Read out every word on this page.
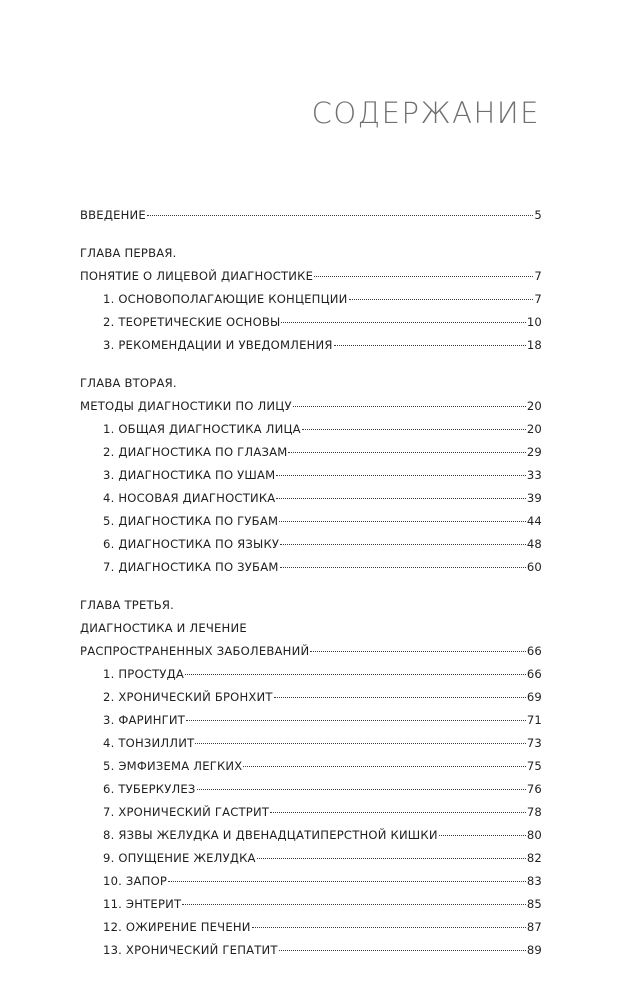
СОДЕРЖАНИЕ
ВВЕДЕНИЕ	5
ГЛАВА ПЕРВАЯ.
ПОНЯТИЕ О ЛИЦЕВОЙ ДИАГНОСТИКЕ	7
1. ОСНОВОПОЛАГАЮЩИЕ КОНЦЕПЦИИ	7
2. ТЕОРЕТИЧЕСКИЕ ОСНОВЫ	10
3. РЕКОМЕНДАЦИИ И УВЕДОМЛЕНИЯ	18
ГЛАВА ВТОРАЯ.
МЕТОДЫ ДИАГНОСТИКИ ПО ЛИЦУ	20
1. ОБЩАЯ ДИАГНОСТИКА ЛИЦА	20
2. ДИАГНОСТИКА ПО ГЛАЗАМ	29
3. ДИАГНОСТИКА ПО УШАМ	33
4. НОСОВАЯ ДИАГНОСТИКА	39
5. ДИАГНОСТИКА ПО ГУБАМ	44
6. ДИАГНОСТИКА ПО ЯЗЫКУ	48
7. ДИАГНОСТИКА ПО ЗУБАМ	60
ГЛАВА ТРЕТЬЯ.
ДИАГНОСТИКА И ЛЕЧЕНИЕ
РАСПРОСТРАНЕННЫХ ЗАБОЛЕВАНИЙ	66
1. ПРОСТУДА	66
2. ХРОНИЧЕСКИЙ БРОНХИТ	69
3. ФАРИНГИТ	71
4. ТОНЗИЛЛИТ	73
5. ЭМФИЗЕМА ЛЕГКИХ	75
6. ТУБЕРКУЛЕЗ	76
7. ХРОНИЧЕСКИЙ ГАСТРИТ	78
8. ЯЗВЫ ЖЕЛУДКА И ДВЕНАДЦАТИПЕРСТНОЙ КИШКИ	80
9. ОПУЩЕНИЕ ЖЕЛУДКА	82
10. ЗАПОР	83
11. ЭНТЕРИТ	85
12. ОЖИРЕНИЕ ПЕЧЕНИ	87
13. ХРОНИЧЕСКИЙ ГЕПАТИТ	89
